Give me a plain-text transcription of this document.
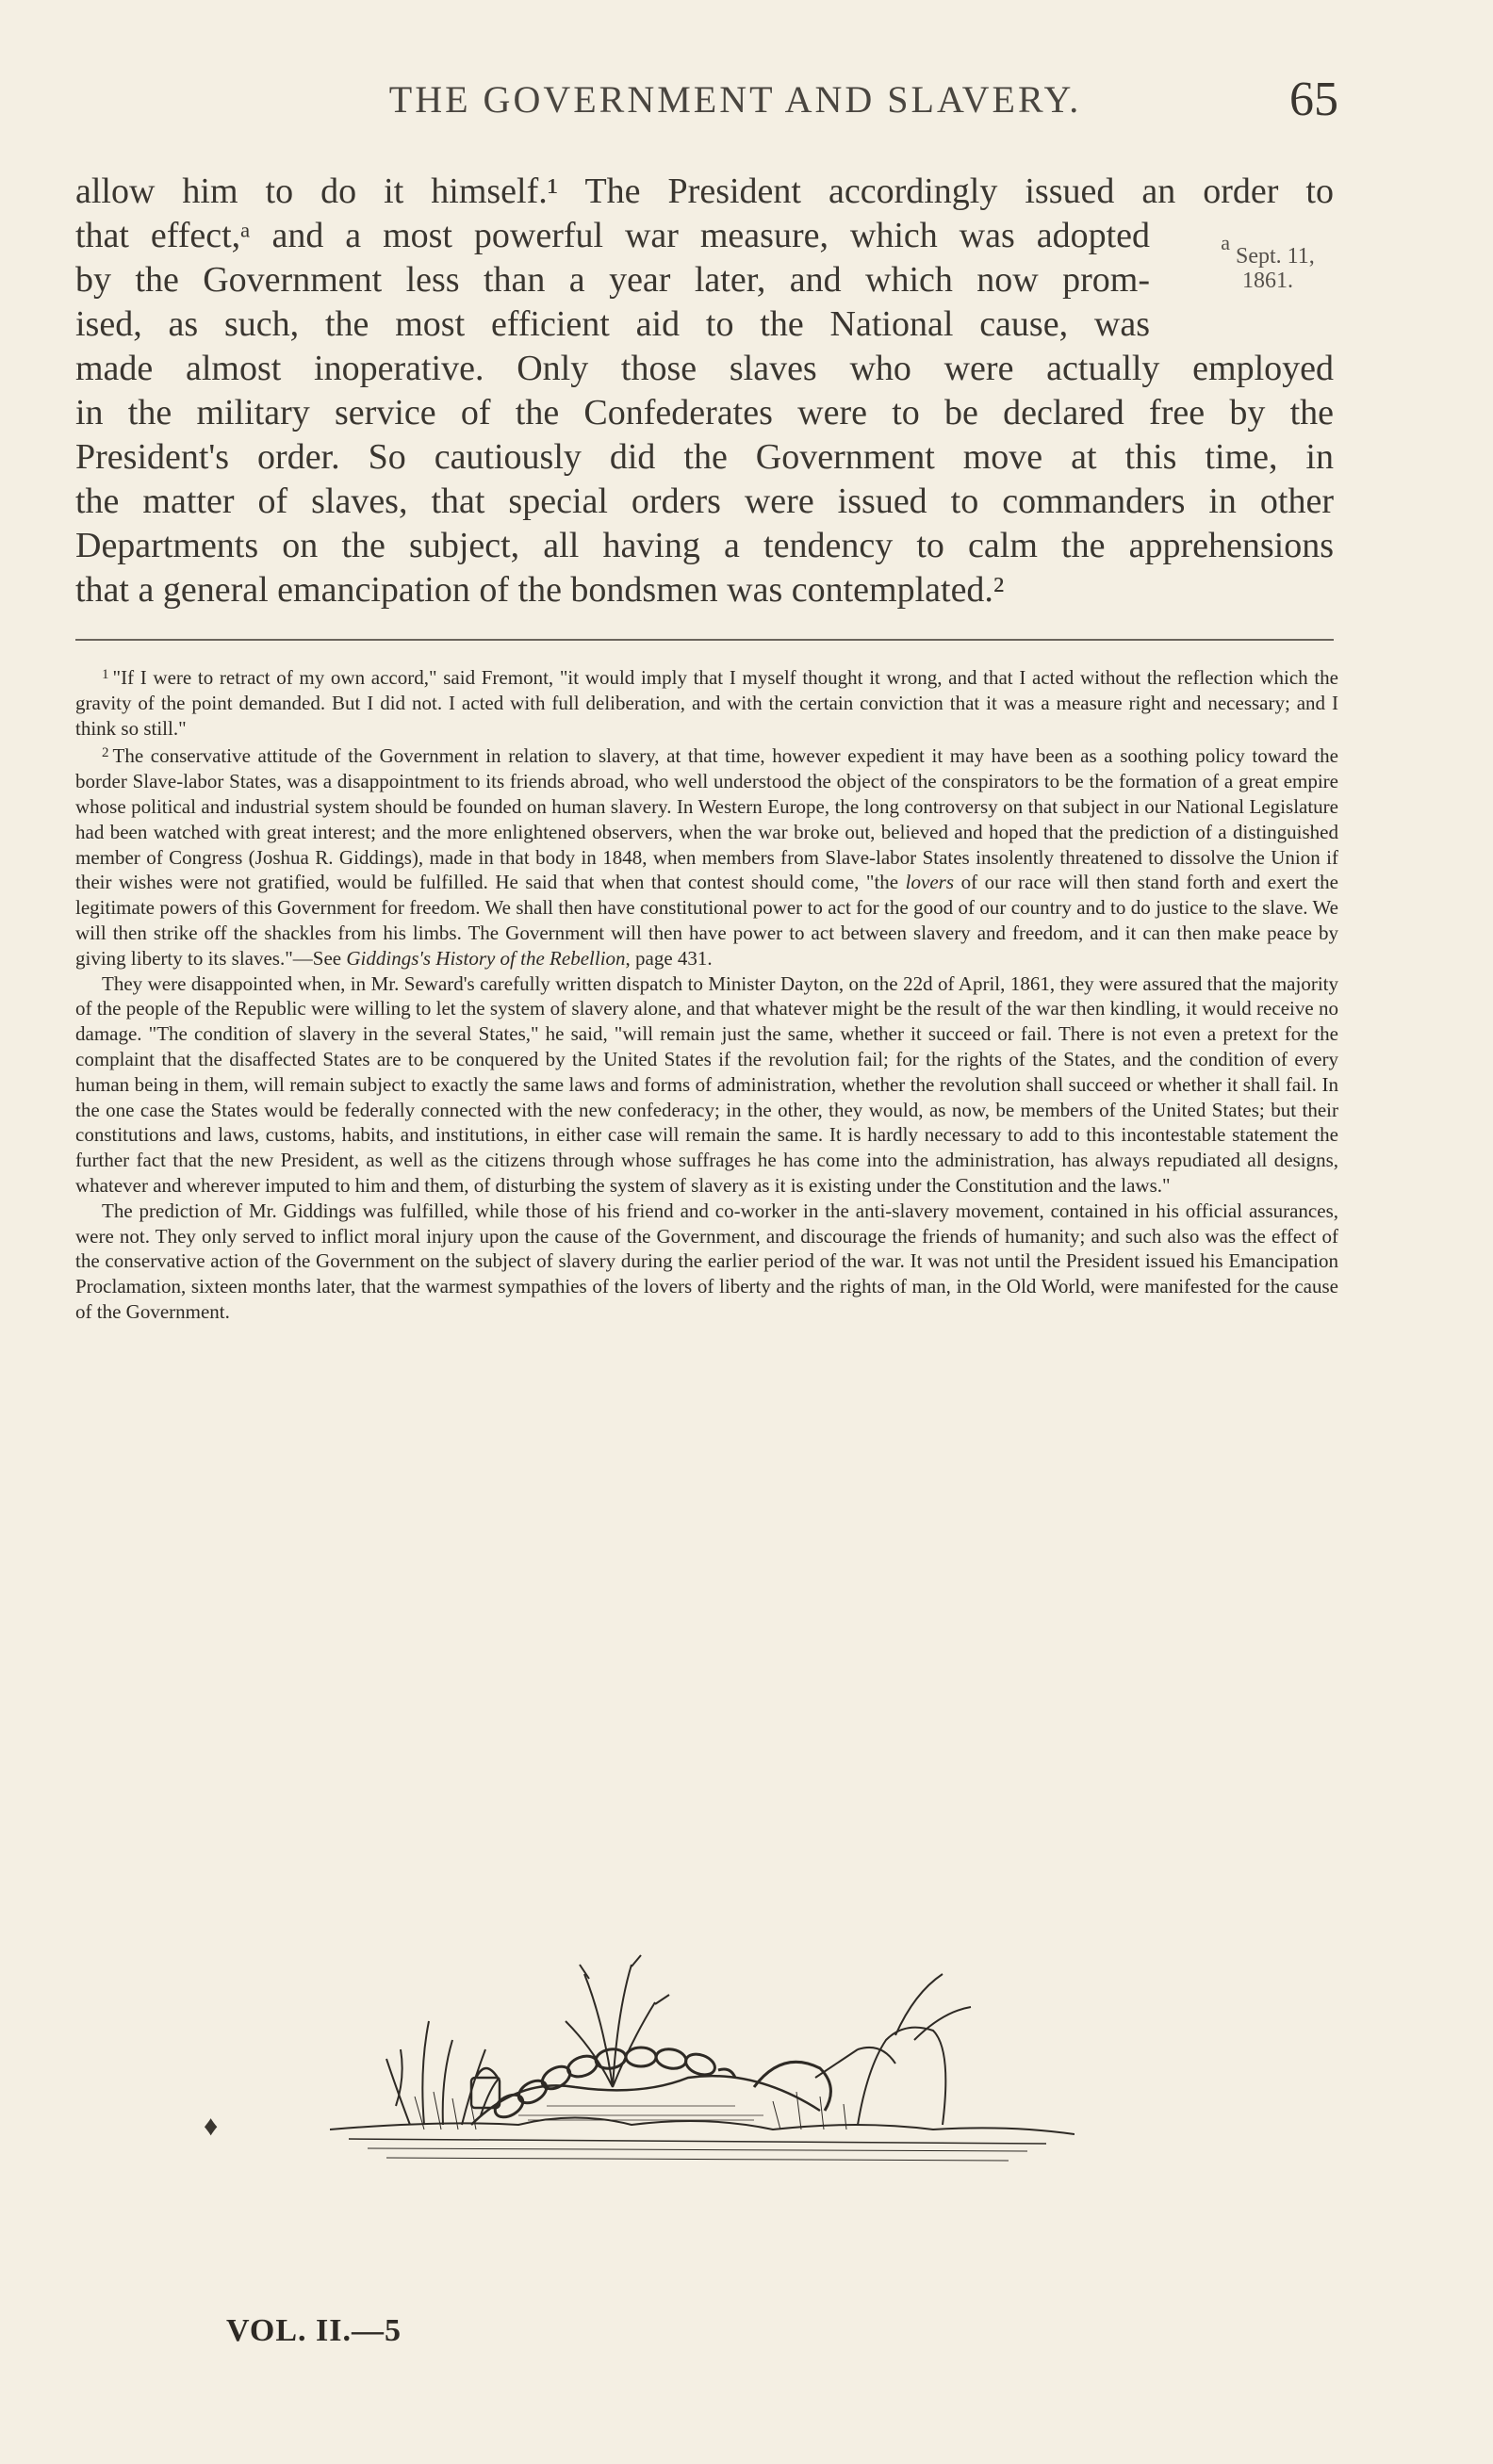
THE GOVERNMENT AND SLAVERY.	65
allow him to do it himself.¹ The President accordingly issued an order to
that effect,ᵃ and a most powerful war measure, which was adopted
by the Government less than a year later, and which now prom-
ised, as such, the most efficient aid to the National cause, was
made almost inoperative. Only those slaves who were actually employed
in the military service of the Confederates were to be declared free by the
President's order. So cautiously did the Government move at this time, in
the matter of slaves, that special orders were issued to commanders in other
Departments on the subject, all having a tendency to calm the apprehensions
that a general emancipation of the bondsmen was contemplated.²
$^a$ Sept. 11,
1861.

$^1$ "If I were to retract of my own accord," said Fremont, "it would imply that I myself thought it wrong, and that I acted without the reflection which the gravity of the point demanded. But I did not. I acted with full deliberation, and with the certain conviction that it was a measure right and necessary; and I think so still."

$^2$ The conservative attitude of the Government in relation to slavery, at that time, however expedient it may have been as a soothing policy toward the border Slave-labor States, was a disappointment to its friends abroad, who well understood the object of the conspirators to be the formation of a great empire whose political and industrial system should be founded on human slavery. In Western Europe, the long controversy on that subject in our National Legislature had been watched with great interest; and the more enlightened observers, when the war broke out, believed and hoped that the prediction of a distinguished member of Congress (Joshua R. Giddings), made in that body in 1848, when members from Slave-labor States insolently threatened to dissolve the Union if their wishes were not gratified, would be fulfilled. He said that when that contest should come, "the lovers of our race will then stand forth and exert the legitimate powers of this Government for freedom. We shall then have constitutional power to act for the good of our country and to do justice to the slave. We will then strike off the shackles from his limbs. The Government will then have power to act between slavery and freedom, and it can then make peace by giving liberty to its slaves."—See Giddings's History of the Rebellion, page 431.

They were disappointed when, in Mr. Seward's carefully written dispatch to Minister Dayton, on the 22d of April, 1861, they were assured that the majority of the people of the Republic were willing to let the system of slavery alone, and that whatever might be the result of the war then kindling, it would receive no damage. "The condition of slavery in the several States," he said, "will remain just the same, whether it succeed or fail. There is not even a pretext for the complaint that the disaffected States are to be conquered by the United States if the revolution fail; for the rights of the States, and the condition of every human being in them, will remain subject to exactly the same laws and forms of administration, whether the revolution shall succeed or whether it shall fail. In the one case the States would be federally connected with the new confederacy; in the other, they would, as now, be members of the United States; but their constitutions and laws, customs, habits, and institutions, in either case will remain the same. It is hardly necessary to add to this incontestable statement the further fact that the new President, as well as the citizens through whose suffrages he has come into the administration, has always repudiated all designs, whatever and wherever imputed to him and them, of disturbing the system of slavery as it is existing under the Constitution and the laws."

The prediction of Mr. Giddings was fulfilled, while those of his friend and co-worker in the anti-slavery movement, contained in his official assurances, were not. They only served to inflict moral injury upon the cause of the Government, and discourage the friends of humanity; and such also was the effect of the conservative action of the Government on the subject of slavery during the earlier period of the war. It was not until the President issued his Emancipation Proclamation, sixteen months later, that the warmest sympathies of the lovers of liberty and the rights of man, in the Old World, were manifested for the cause of the Government.

♦
VOL. II.—5
